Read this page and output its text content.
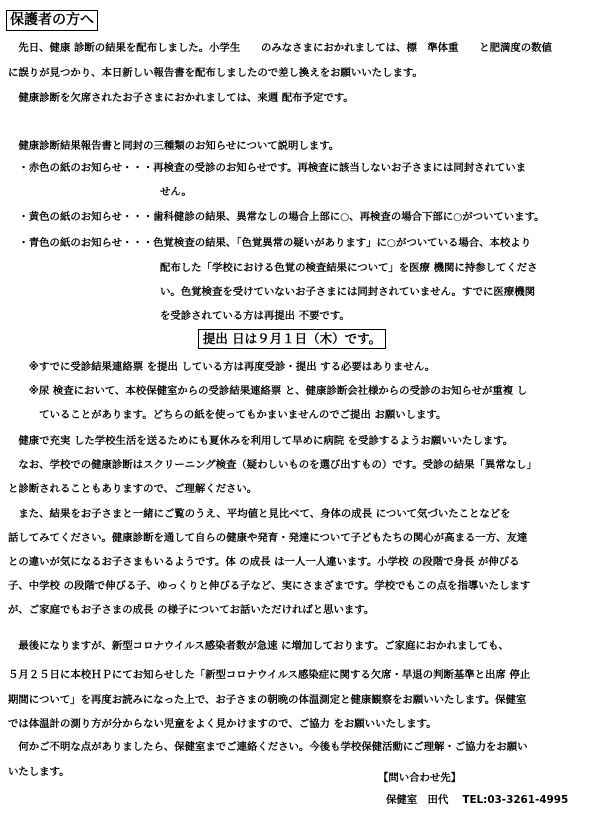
保護者の方へ
　先日、健康 診断の結果を配布しました。小学生　　のみなさまにおかれましては、標　準体重　　と肥満度の数値
に誤りが見つかり、本日新しい報告書を配布しましたので差し換えをお願いいたします。
　健康診断を欠席されたお子さまにおかれましては、来週 配布予定です。
　健康診断結果報告書と同封の三種類のお知らせについて説明します。
　・赤色の紙のお知らせ・・・再検査の受診のお知らせです。再検査に該当しないお子さまには同封されていま
せん。
　・黄色の紙のお知らせ・・・歯科健診の結果、異常なしの場合上部に○、再検査の場合下部に○がついています。
　・青色の紙のお知らせ・・・色覚検査の結果、「色覚異常の疑いがあります」に○がついている場合、本校より
配布した「学校における色覚の検査結果について」を医療 機関に持参してくださ
い。色覚検査を受けていないお子さまには同封されていません。すでに医療機関
を受診されている方は再提出 不要です。
提出 日は９月１日（木）です。
　　※すでに受診結果連絡票 を提出 している方は再度受診・提出 する必要はありません。
　　※尿 検査において、本校保健室からの受診結果連絡票 と、健康診断会社様からの受診のお知らせが重複 し
　　　ていることがあります。どちらの紙を使ってもかまいませんのでご提出 お願いします。
　健康で充実 した学校生活を送るためにも夏休みを利用して早めに病院 を受診するようお願いいたします。
　なお、学校での健康診断はスクリーニング検査（疑わしいものを選び出すもの）です。受診の結果「異常なし」
と診断されることもありますので、ご理解ください。
　また、結果をお子さまと一緒にご覧のうえ、平均値と見比べて、身体の成長 について気づいたことなどを
話してみてください。健康診断を通して自らの健康や発育・発達について子どもたちの関心が高まる一方、友達
との違いが気になるお子さまもいるようです。体 の成長 は一人一人違います。小学校 の段階で身長 が伸びる
子、中学校 の段階で伸びる子、ゆっくりと伸びる子など、実にさまざまです。学校でもこの点を指導いたします
が、ご家庭でもお子さまの成長 の様子についてお話いただければと思います。
　最後になりますが、新型コロナウイルス感染者数が急速 に増加しております。ご家庭におかれましても、
５月２５日に本校ＨＰにてお知らせした「新型コロナウイルス感染症に関する欠席・早退の判断基準と出席 停止
期間について」を再度お読みになった上で、お子さまの朝晩の体温測定と健康観察をお願いいたします。保健室
では体温計の測り方が分からない児童をよく見かけますので、ご協力 をお願いいたします。
　何かご不明な点がありましたら、保健室までご連絡ください。今後も学校保健活動にご理解・ご協力をお願い
いたします。	【問い合わせ先】
保健室　田代　 TEL:03-3261-4995
